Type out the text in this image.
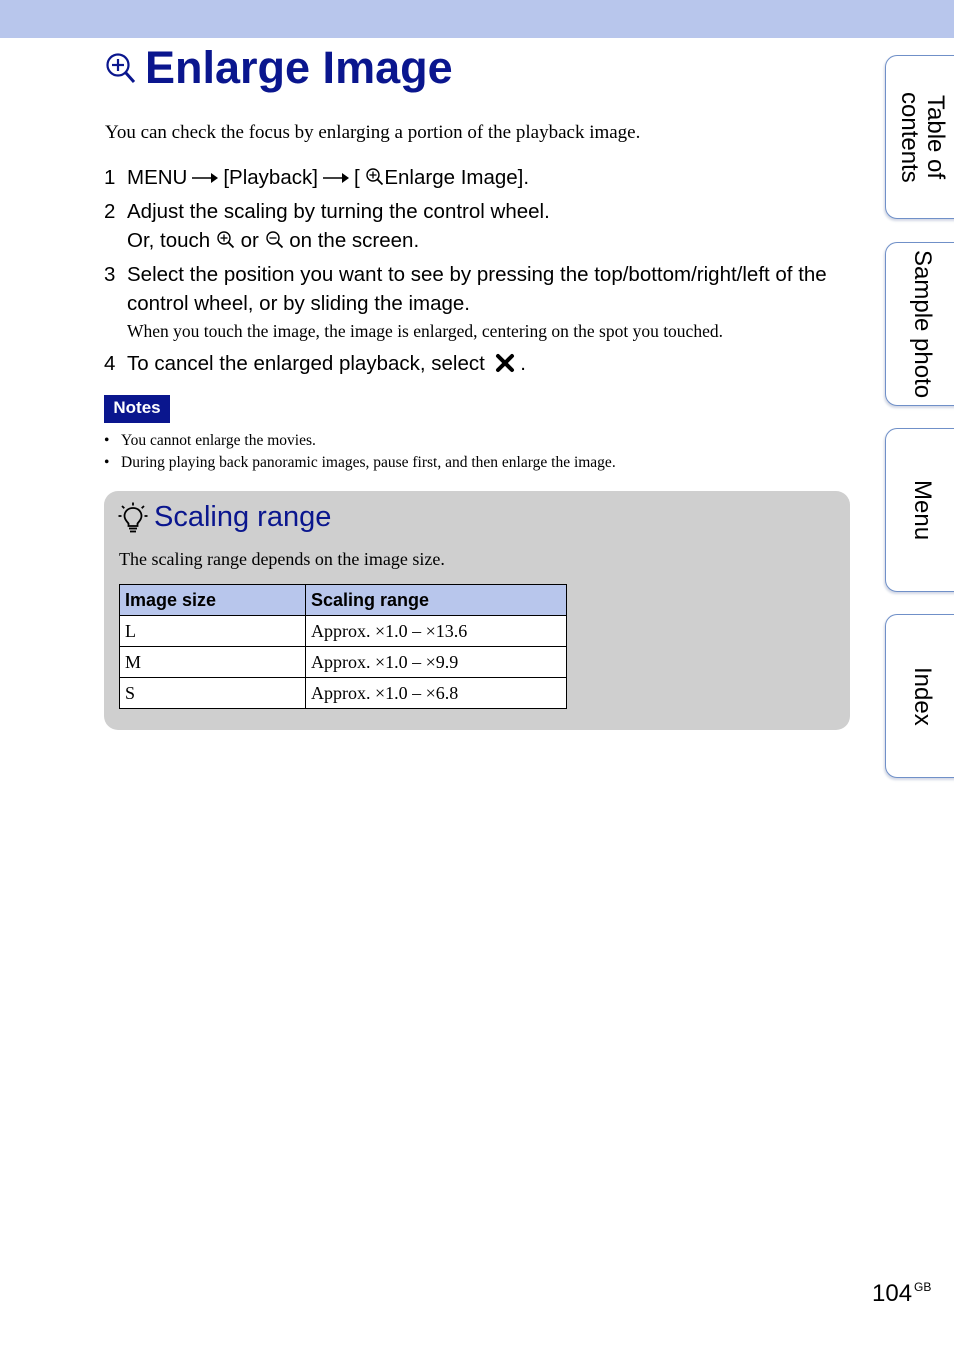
Enlarge Image
You can check the focus by enlarging a portion of the playback image.
1 MENU [Playback] [ Enlarge Image].
2 Adjust the scaling by turning the control wheel.
Or, touch or on the screen.
3 Select the position you want to see by pressing the top/bottom/right/left of the control wheel, or by sliding the image.
When you touch the image, the image is enlarged, centering on the spot you touched.
4 To cancel the enlarged playback, select .
Notes
• You cannot enlarge the movies.
• During playing back panoramic images, pause first, and then enlarge the image.
Scaling range
The scaling range depends on the image size.
Image size	Scaling range
L	Approx. ×1.0 – ×13.6
M	Approx. ×1.0 – ×9.9
S	Approx. ×1.0 – ×6.8
Table of contents
Sample photo
Menu
Index
104 $^{GB}$
